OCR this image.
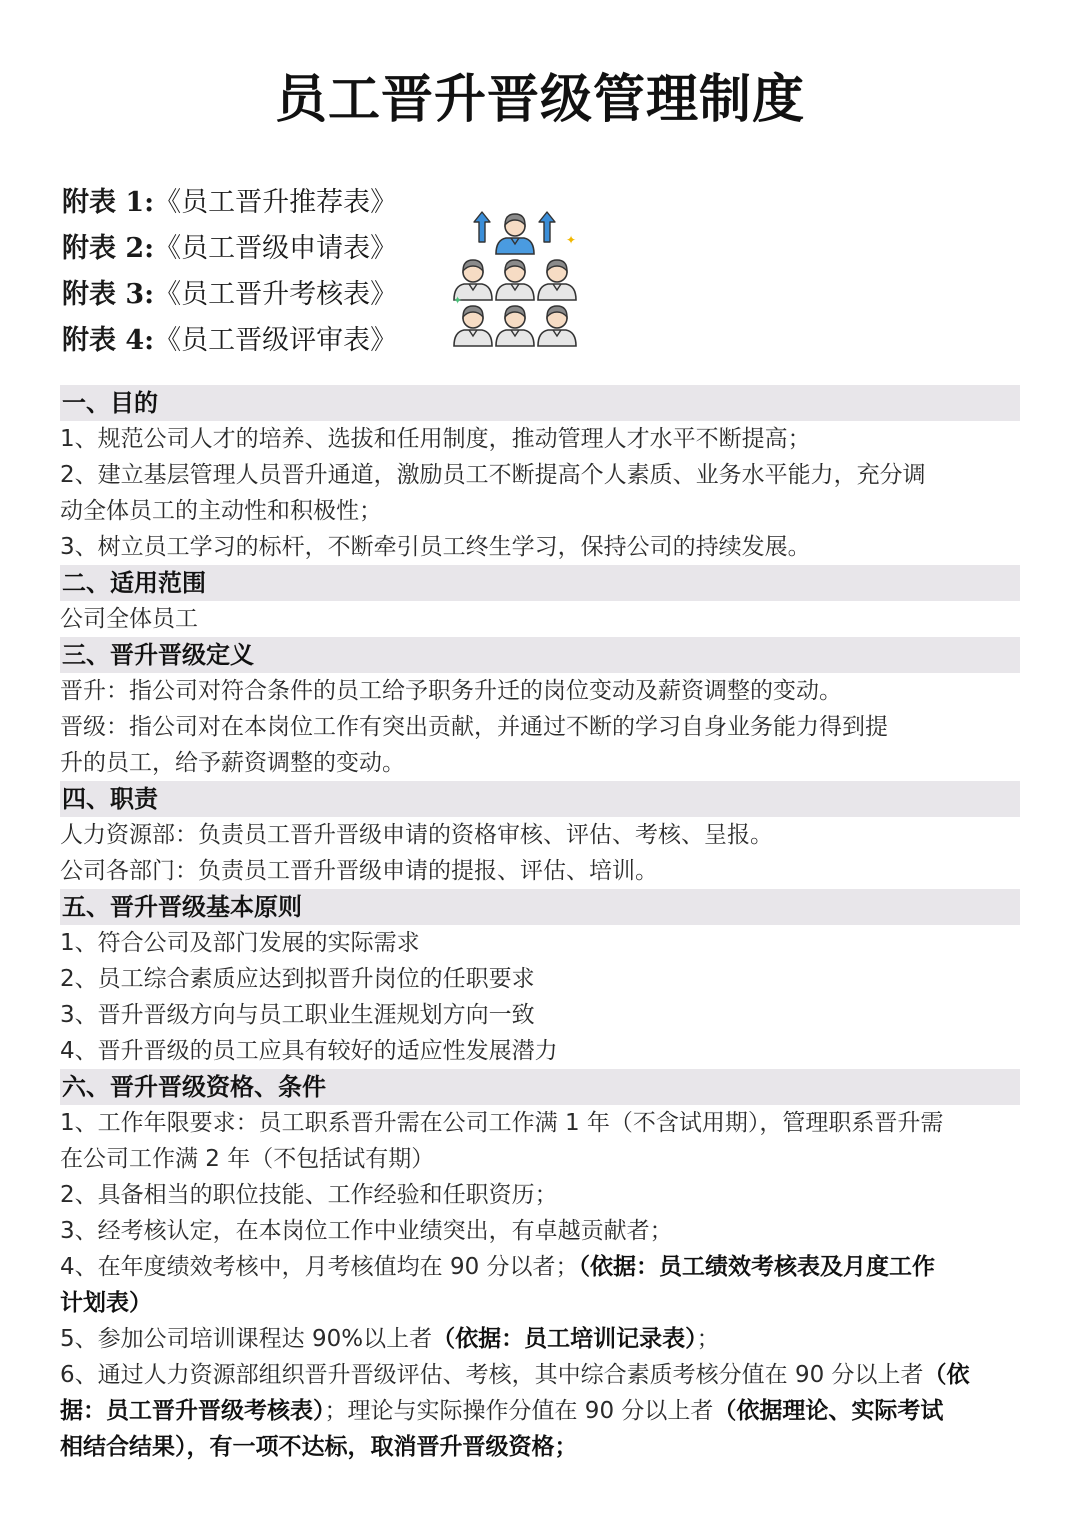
员工晋升晋级管理制度
附表 1:《员工晋升推荐表》
附表 2:《员工晋级申请表》
附表 3:《员工晋升考核表》
附表 4:《员工晋级评审表》
✦
✦
一、目的

1、规范公司人才的培养、选拔和任用制度，推动管理人才水平不断提高；

2、建立基层管理人员晋升通道，激励员工不断提高个人素质、业务水平能力，充分调

动全体员工的主动性和积极性；

3、树立员工学习的标杆，不断牵引员工终生学习，保持公司的持续发展。

二、适用范围

公司全体员工

三、晋升晋级定义

晋升：指公司对符合条件的员工给予职务升迁的岗位变动及薪资调整的变动。

晋级：指公司对在本岗位工作有突出贡献，并通过不断的学习自身业务能力得到提

升的员工，给予薪资调整的变动。

四、职责

人力资源部：负责员工晋升晋级申请的资格审核、评估、考核、呈报。

公司各部门：负责员工晋升晋级申请的提报、评估、培训。

五、晋升晋级基本原则

1、符合公司及部门发展的实际需求

2、员工综合素质应达到拟晋升岗位的任职要求

3、晋升晋级方向与员工职业生涯规划方向一致

4、晋升晋级的员工应具有较好的适应性发展潜力

六、晋升晋级资格、条件

1、工作年限要求：员工职系晋升需在公司工作满 1 年（不含试用期），管理职系晋升需

在公司工作满 2 年（不包括试有期）

2、具备相当的职位技能、工作经验和任职资历；

3、经考核认定，在本岗位工作中业绩突出，有卓越贡献者；

4、在年度绩效考核中，月考核值均在 90 分以者；（依据：员工绩效考核表及月度工作

计划表）

5、参加公司培训课程达 90%以上者（依据：员工培训记录表）；

6、通过人力资源部组织晋升晋级评估、考核，其中综合素质考核分值在 90 分以上者（依

据：员工晋升晋级考核表）；理论与实际操作分值在 90 分以上者（依据理论、实际考试

相结合结果），有一项不达标，取消晋升晋级资格；
